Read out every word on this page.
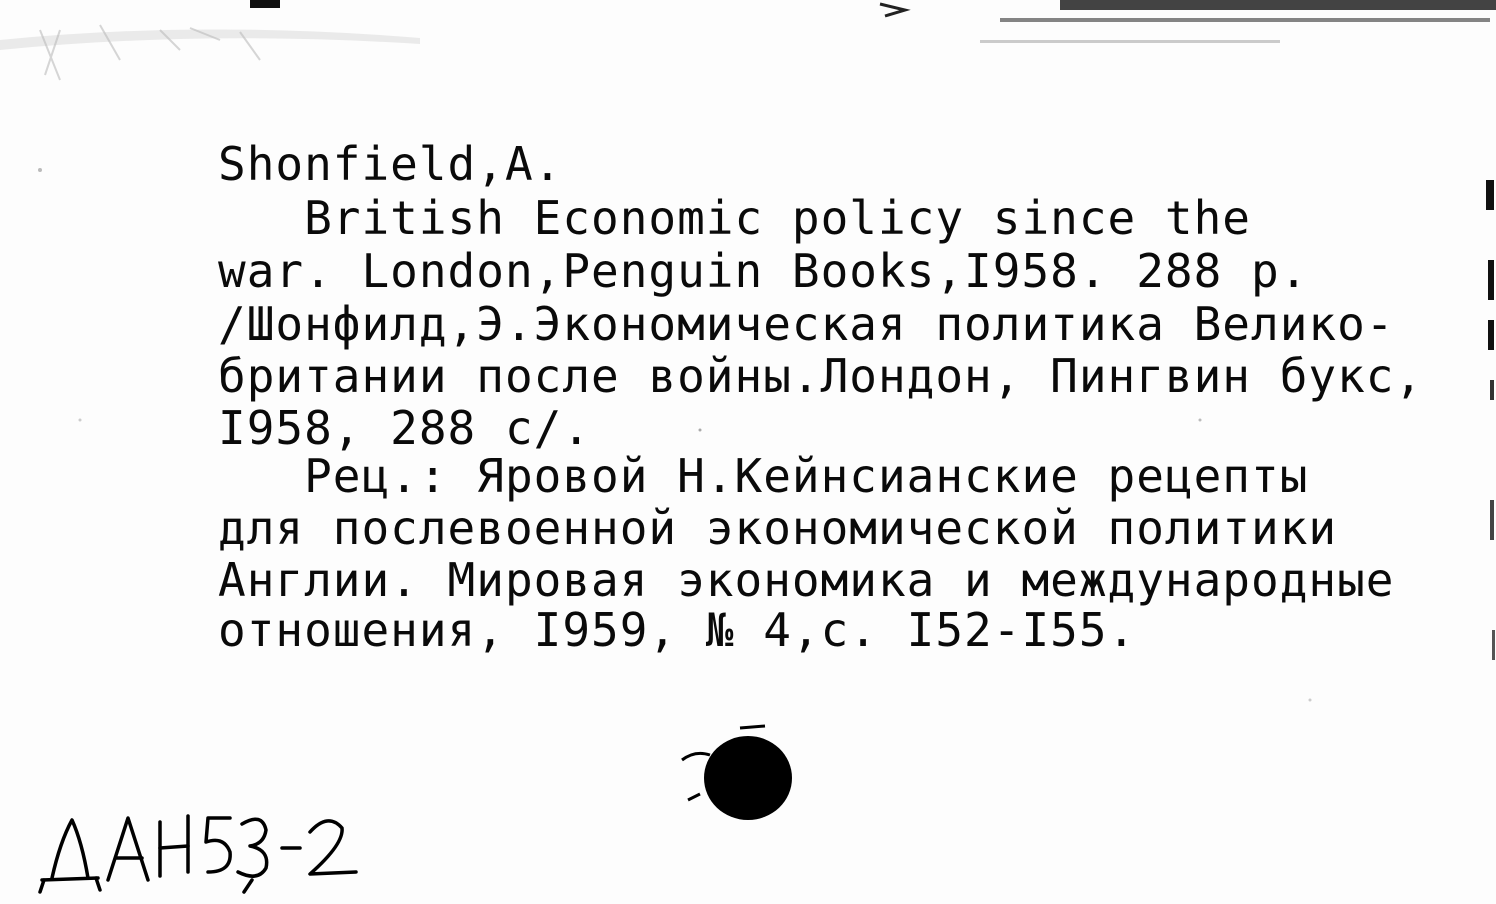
Shonfield,A.
British Economic policy since the
war. London,Penguin Books,I958. 288 p.
/Шонфилд,Э.Экономическая политика Велико-
британии после войны.Лондон, Пингвин букс,
I958, 288 с/.
Рец.: Яровой Н.Кейнсианские рецепты
для послевоенной экономической политики
Англии. Мировая экономика и международные
отношения, I959, № 4,с. I52-I55.
